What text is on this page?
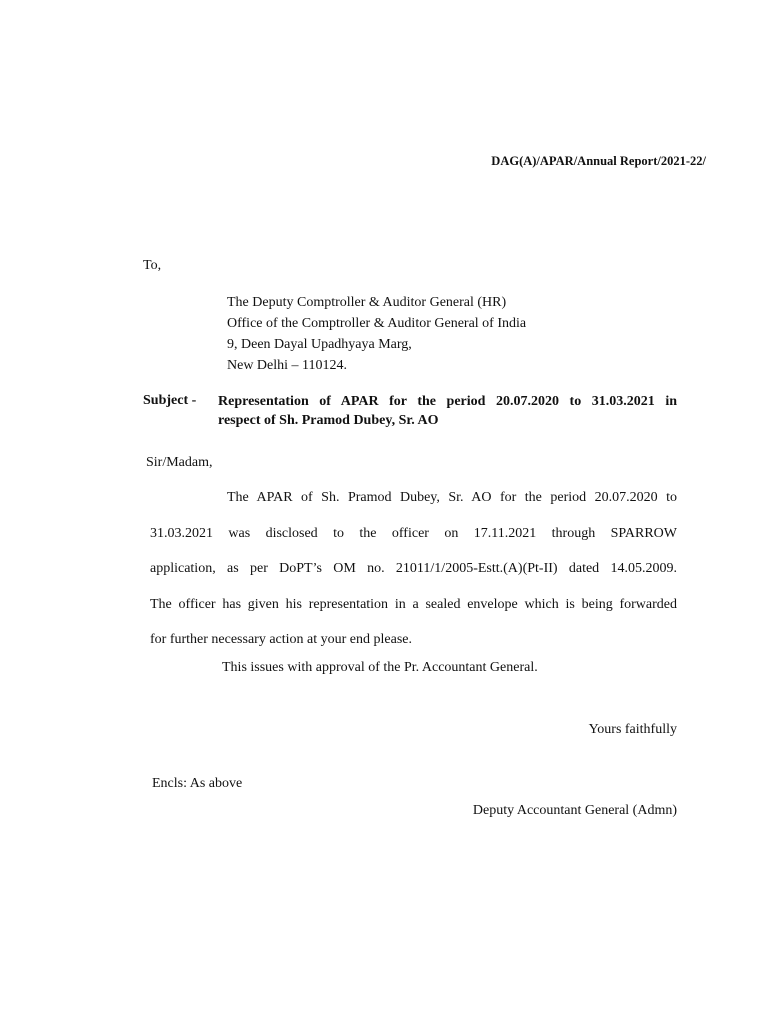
DAG(A)/APAR/Annual Report/2021-22/
To,
The Deputy Comptroller & Auditor General (HR)
Office of the Comptroller & Auditor General of India
9, Deen Dayal Upadhyaya Marg,
New Delhi – 110124.
Subject - Representation of APAR for the period 20.07.2020 to 31.03.2021 in
respect of Sh. Pramod Dubey, Sr. AO
Sir/Madam,
The APAR of Sh. Pramod Dubey, Sr. AO for the period 20.07.2020 to
31.03.2021 was disclosed to the officer on 17.11.2021 through SPARROW
application, as per DoPT’s OM no. 21011/1/2005-Estt.(A)(Pt-II) dated 14.05.2009.
The officer has given his representation in a sealed envelope which is being forwarded
for further necessary action at your end please.
This issues with approval of the Pr. Accountant General.
Yours faithfully
Encls: As above
Deputy Accountant General (Admn)
